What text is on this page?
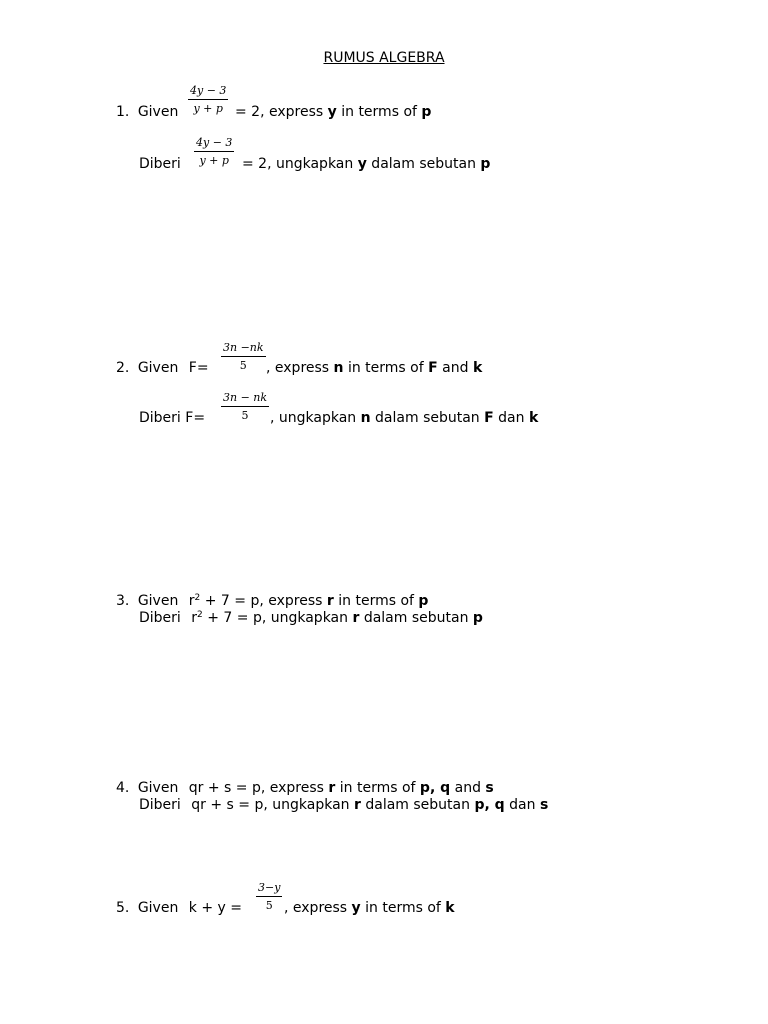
RUMUS ALGEBRA
1. Given $\frac{4y - 3}{y + p} = 2$, express y in terms of p
Diberi $\frac{4y - 3}{y + p} = 2$, ungkapkan y dalam sebutan p
2. Given $F= \frac{3n -nk}{5}$ , express n in terms of F and k
Diberi $F= \frac{3n - nk}{5}$ , ungkapkan n dalam sebutan F dan k
3. Given $r^2 + 7 = p$, express r in terms of p
Diberi $r^2 + 7 = p$, ungkapkan r dalam sebutan p
4. Given qr + s = p, express r in terms of p, q and s
Diberi qr + s = p, ungkapkan r dalam sebutan p, q dan s
5. Given $k + y = \frac{3-y}{5}$ , express y in terms of k
